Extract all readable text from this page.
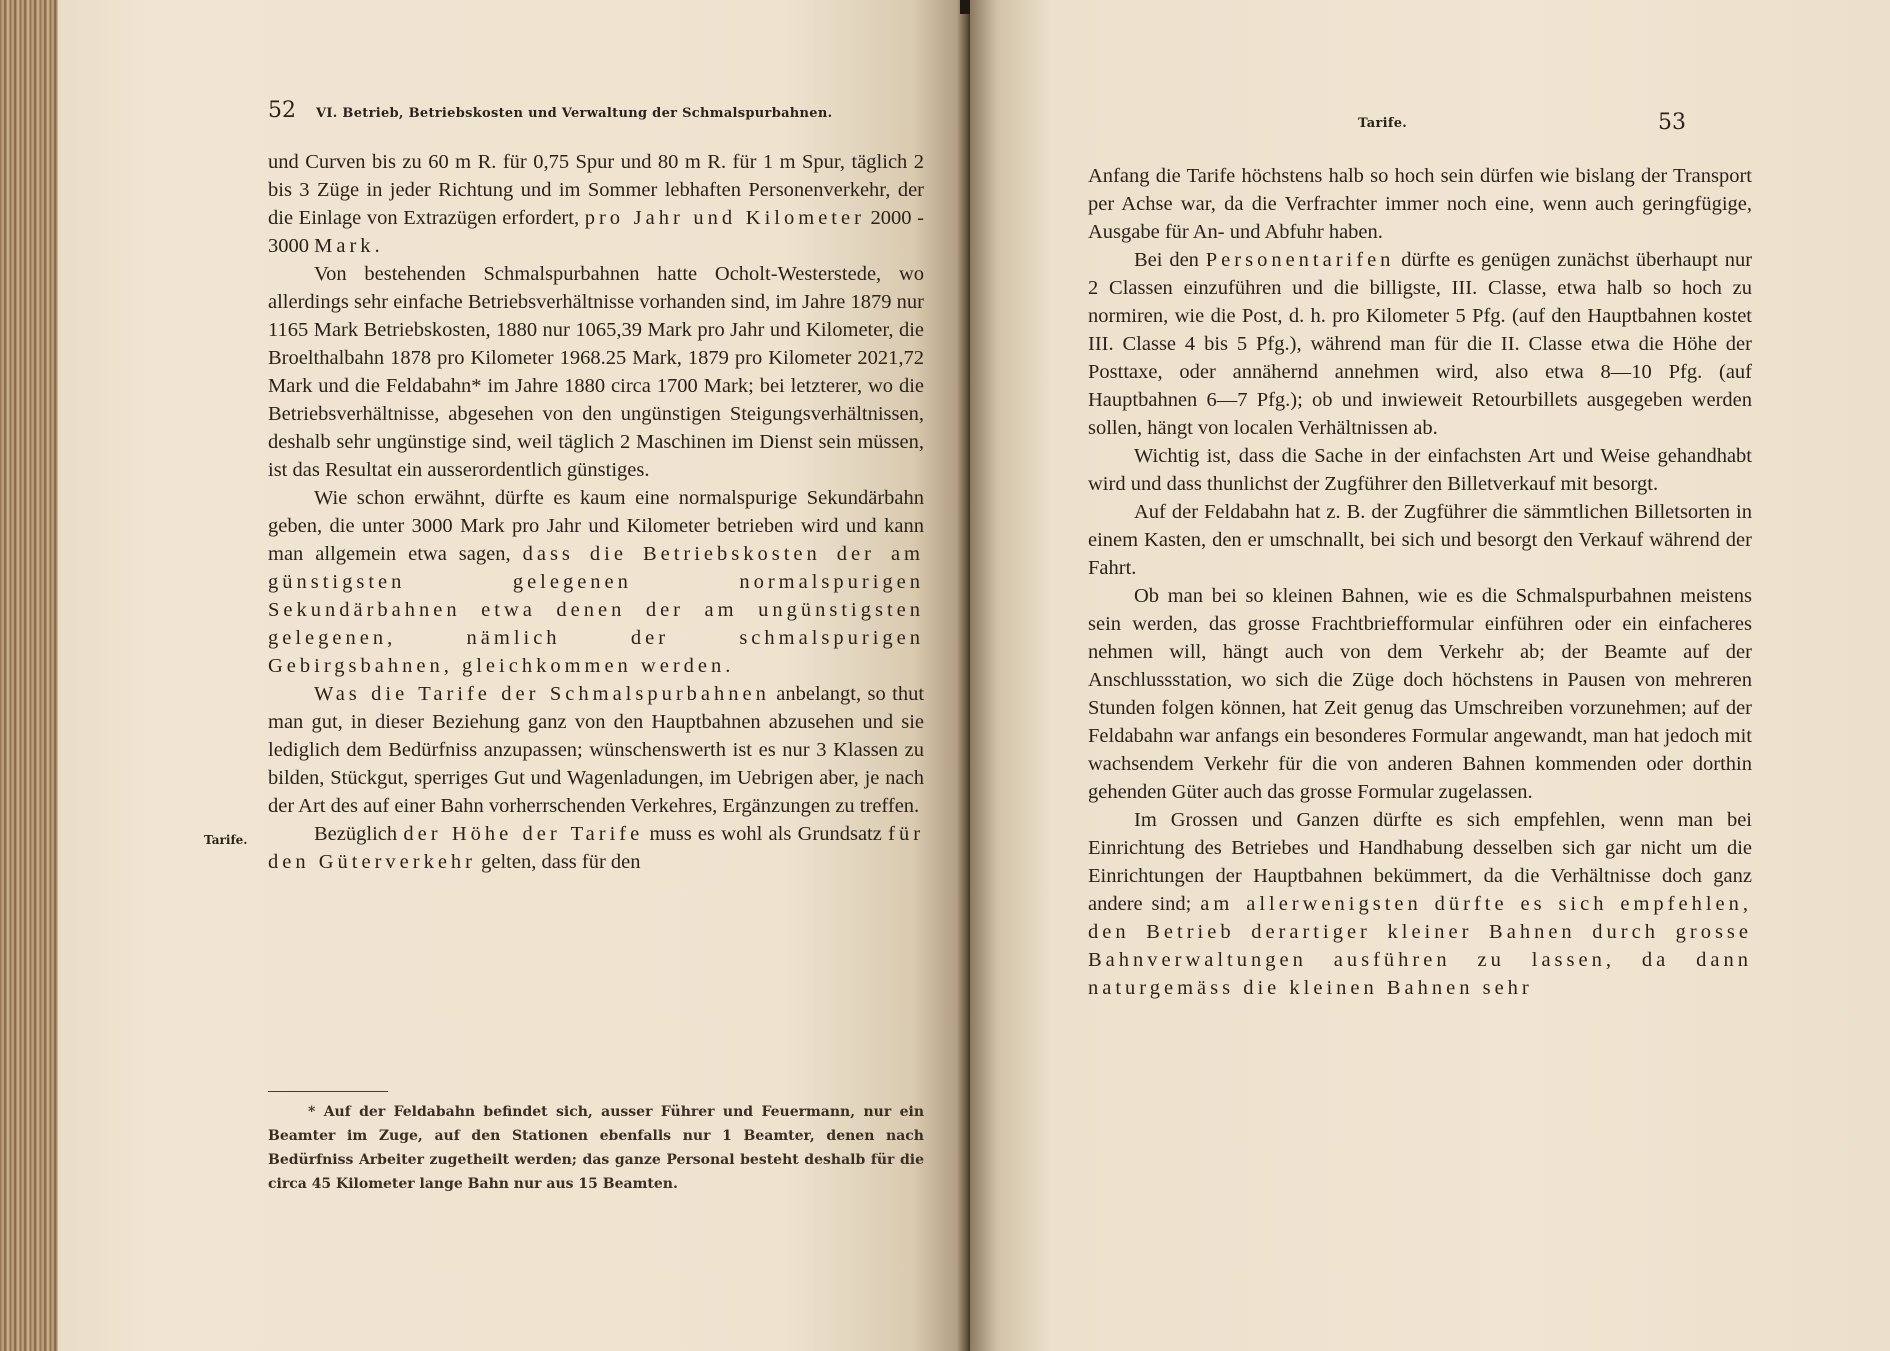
52 VI. Betrieb, Betriebskosten und Verwaltung der Schmalspurbahnen.
Tarife.

und Curven bis zu 60 m R. für 0,75 Spur und 80 m R. für 1 m Spur, täglich 2 bis 3 Züge in jeder Richtung und im Sommer lebhaften Personenverkehr, der die Einlage von Extrazügen erfordert, pro Jahr und Kilometer 2000 - 3000 Mark.

Von bestehenden Schmalspurbahnen hatte Ocholt-Westerstede, wo allerdings sehr einfache Betriebsverhältnisse vorhanden sind, im Jahre 1879 nur 1165 Mark Betriebskosten, 1880 nur 1065,39 Mark pro Jahr und Kilometer, die Broelthalbahn 1878 pro Kilometer 1968.25 Mark, 1879 pro Kilometer 2021,72 Mark und die Feldabahn* im Jahre 1880 circa 1700 Mark; bei letzterer, wo die Betriebsverhältnisse, abgesehen von den ungünstigen Steigungsverhältnissen, deshalb sehr ungünstige sind, weil täglich 2 Maschinen im Dienst sein müssen, ist das Resultat ein ausserordentlich günstiges.

Wie schon erwähnt, dürfte es kaum eine normalspurige Sekundärbahn geben, die unter 3000 Mark pro Jahr und Kilometer betrieben wird und kann man allgemein etwa sagen, dass die Betriebskosten der am günstigsten gelegenen normalspurigen Sekundärbahnen etwa denen der am ungünstigsten gelegenen, nämlich der schmalspurigen Gebirgsbahnen, gleichkommen werden.

Was die Tarife der Schmalspurbahnen anbelangt, so thut man gut, in dieser Beziehung ganz von den Hauptbahnen abzusehen und sie lediglich dem Bedürfniss anzupassen; wünschenswerth ist es nur 3 Klassen zu bilden, Stückgut, sperriges Gut und Wagenladungen, im Uebrigen aber, je nach der Art des auf einer Bahn vorherrschenden Verkehres, Ergänzungen zu treffen.

Bezüglich der Höhe der Tarife muss es wohl als Grundsatz für den Güterverkehr gelten, dass für den

* Auf der Feldabahn befindet sich, ausser Führer und Feuermann, nur ein Beamter im Zuge, auf den Stationen ebenfalls nur 1 Beamter, denen nach Bedürfniss Arbeiter zugetheilt werden; das ganze Personal besteht deshalb für die circa 45 Kilometer lange Bahn nur aus 15 Beamten.

Tarife.	53

Anfang die Tarife höchstens halb so hoch sein dürfen wie bislang der Transport per Achse war, da die Verfrachter immer noch eine, wenn auch geringfügige, Ausgabe für An- und Abfuhr haben.

Bei den Personentarifen dürfte es genügen zunächst überhaupt nur 2 Classen einzuführen und die billigste, III. Classe, etwa halb so hoch zu normiren, wie die Post, d. h. pro Kilometer 5 Pfg. (auf den Hauptbahnen kostet III. Classe 4 bis 5 Pfg.), während man für die II. Classe etwa die Höhe der Posttaxe, oder annähernd annehmen wird, also etwa 8—10 Pfg. (auf Hauptbahnen 6—7 Pfg.); ob und inwieweit Retourbillets ausgegeben werden sollen, hängt von localen Verhältnissen ab.

Wichtig ist, dass die Sache in der einfachsten Art und Weise gehandhabt wird und dass thunlichst der Zugführer den Billetverkauf mit besorgt.

Auf der Feldabahn hat z. B. der Zugführer die sämmtlichen Billetsorten in einem Kasten, den er umschnallt, bei sich und besorgt den Verkauf während der Fahrt.

Ob man bei so kleinen Bahnen, wie es die Schmalspurbahnen meistens sein werden, das grosse Frachtbriefformular einführen oder ein einfacheres nehmen will, hängt auch von dem Verkehr ab; der Beamte auf der Anschlussstation, wo sich die Züge doch höchstens in Pausen von mehreren Stunden folgen können, hat Zeit genug das Umschreiben vorzunehmen; auf der Feldabahn war anfangs ein besonderes Formular angewandt, man hat jedoch mit wachsendem Verkehr für die von anderen Bahnen kommenden oder dorthin gehenden Güter auch das grosse Formular zugelassen.

Im Grossen und Ganzen dürfte es sich empfehlen, wenn man bei Einrichtung des Betriebes und Handhabung desselben sich gar nicht um die Einrichtungen der Hauptbahnen bekümmert, da die Verhältnisse doch ganz andere sind; am allerwenigsten dürfte es sich empfehlen, den Betrieb derartiger kleiner Bahnen durch grosse Bahnverwaltungen ausführen zu lassen, da dann naturgemäss die kleinen Bahnen sehr
